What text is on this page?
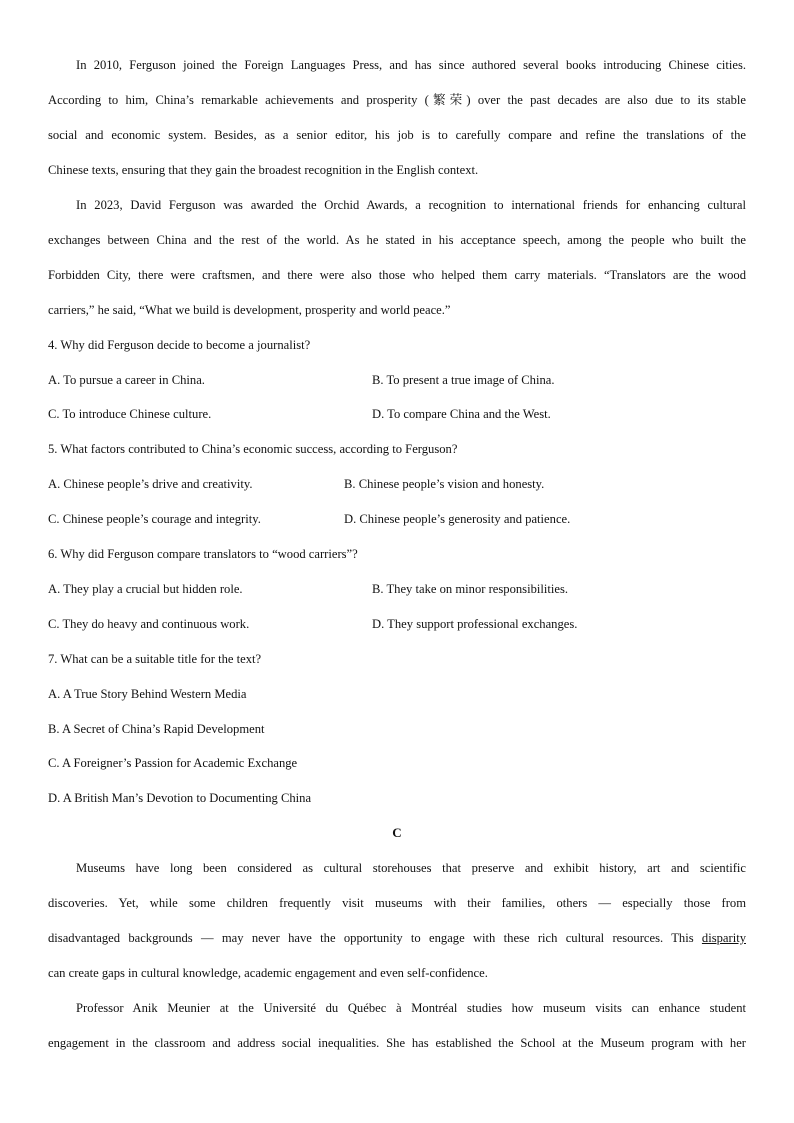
In 2010, Ferguson joined the Foreign Languages Press, and has since authored several books introducing Chinese cities.
According to him, China’s remarkable achievements and prosperity (繁荣) over the past decades are also due to its stable
social and economic system. Besides, as a senior editor, his job is to carefully compare and refine the translations of the
Chinese texts, ensuring that they gain the broadest recognition in the English context.
In 2023, David Ferguson was awarded the Orchid Awards, a recognition to international friends for enhancing cultural
exchanges between China and the rest of the world. As he stated in his acceptance speech, among the people who built the
Forbidden City, there were craftsmen, and there were also those who helped them carry materials. “Translators are the wood
carriers,” he said, “What we build is development, prosperity and world peace.”
4. Why did Ferguson decide to become a journalist?
A. To pursue a career in China.	B. To present a true image of China.
C. To introduce Chinese culture.	D. To compare China and the West.
5. What factors contributed to China’s economic success, according to Ferguson?
A. Chinese people’s drive and creativity.	B. Chinese people’s vision and honesty.
C. Chinese people’s courage and integrity.	D. Chinese people’s generosity and patience.
6. Why did Ferguson compare translators to “wood carriers”?
A. They play a crucial but hidden role.	B. They take on minor responsibilities.
C. They do heavy and continuous work.	D. They support professional exchanges.
7. What can be a suitable title for the text?
A. A True Story Behind Western Media
B. A Secret of China’s Rapid Development
C. A Foreigner’s Passion for Academic Exchange
D. A British Man’s Devotion to Documenting China
C
Museums have long been considered as cultural storehouses that preserve and exhibit history, art and scientific
discoveries. Yet, while some children frequently visit museums with their families, others — especially those from
disadvantaged backgrounds — may never have the opportunity to engage with these rich cultural resources. This disparity
can create gaps in cultural knowledge, academic engagement and even self-confidence.
Professor Anik Meunier at the Université du Québec à Montréal studies how museum visits can enhance student
engagement in the classroom and address social inequalities. She has established the School at the Museum program with her
